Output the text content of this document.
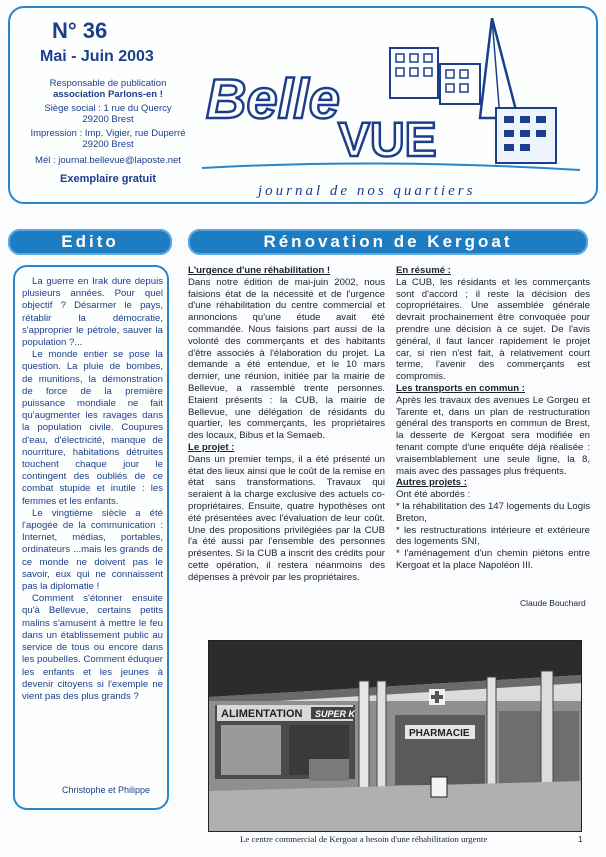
N° 36
Mai - Juin 2003
Responsable de publication
association Parlons-en !
Siège social : 1 rue du Quercy
29200 Brest
Impression : Imp. Vigier, rue Duperré
29200 Brest
Mél : journal.bellevue@laposte.net
Exemplaire gratuit
Belle
VUE
journal de nos quartiers
Edito	Rénovation de Kergoat

La guerre en Irak dure depuis plusieurs années. Pour quel objectif ? Désarmer le pays, rétablir la démocratie, s'approprier le pétrole, sauver la population ?...

Le monde entier se pose la question. La pluie de bombes, de munitions, la démonstration de force de la première puissance mondiale ne fait qu'augmenter les ravages dans la population civile. Coupures d'eau, d'électricité, manque de nourriture, habitations détruites touchent chaque jour le contingent des oubliés de ce combat stupide et inutile : les femmes et les enfants.

Le vingtième siècle a été l'apogée de la communication : Internet, médias, portables, ordinateurs ...mais les grands de ce monde ne doivent pas le savoir, eux qui ne connaissent pas la diplomatie !

Comment s'étonner ensuite qu'à Bellevue, certains petits malins s'amusent à mettre le feu dans un établissement public au service de tous ou encore dans les poubelles. Comment éduquer les enfants et les jeunes à devenir citoyens si l'exemple ne vient pas des plus grands ?

Christophe et Philippe

L'urgence d'une réhabilitation !

Dans notre édition de mai-juin 2002, nous faisions état de la nécessité et de l'urgence d'une réhabilitation du centre commercial et annoncions qu'une étude avait été commandée. Nous faisions part aussi de la volonté des commerçants et des habitants d'être associés à l'élaboration du projet. La demande a été entendue, et le 10 mars dernier, une réunion, initiée par la mairie de Bellevue, a rassemblé trente personnes. Etaient présents : la CUB, la mairie de Bellevue, une délégation de résidants du quartier, les commerçants, les propriétaires des locaux, Bibus et la Semaeb.

Le projet :

Dans un premier temps, il a été présenté un état des lieux ainsi que le coût de la remise en état sans transformations. Travaux qui seraient à la charge exclusive des actuels co-propriétaires. Ensuite, quatre hypothèses ont été présentées avec l'évaluation de leur coût. Une des propositions privilégiées par la CUB l'a été aussi par l'ensemble des personnes présentes. Si la CUB a inscrit des crédits pour cette opération, il restera néanmoins des dépenses à prévoir par les propriétaires.

En résumé :

La CUB, les résidants et les commerçants sont d'accord ; il reste la décision des copropriétaires. Une assemblée générale devrait prochainement être convoquée pour prendre une décision à ce sujet. De l'avis général, il faut lancer rapidement le projet car, si rien n'est fait, à relativement court terme, l'avenir des commerçants est compromis.

Les transports en commun :

Après les travaux des avenues Le Gorgeu et Tarente et, dans un plan de restructuration général des transports en commun de Brest, la desserte de Kergoat sera modifiée en tenant compte d'une enquête déjà réalisée : vraisemblablement une seule ligne, la 8, mais avec des passages plus fréquents.

Autres projets :

Ont été abordés :

* la réhabilitation des 147 logements du Logis Breton,

* les restructurations intérieure et extérieure des logements SNI,

* l'aménagement d'un chemin piétons entre Kergoat et la place Napoléon III.

Claude Bouchard
ALIMENTATION SUPER K
PHARMACIE
Le centre commercial de Kergoat a besoin d'une réhabilitation urgente	1
